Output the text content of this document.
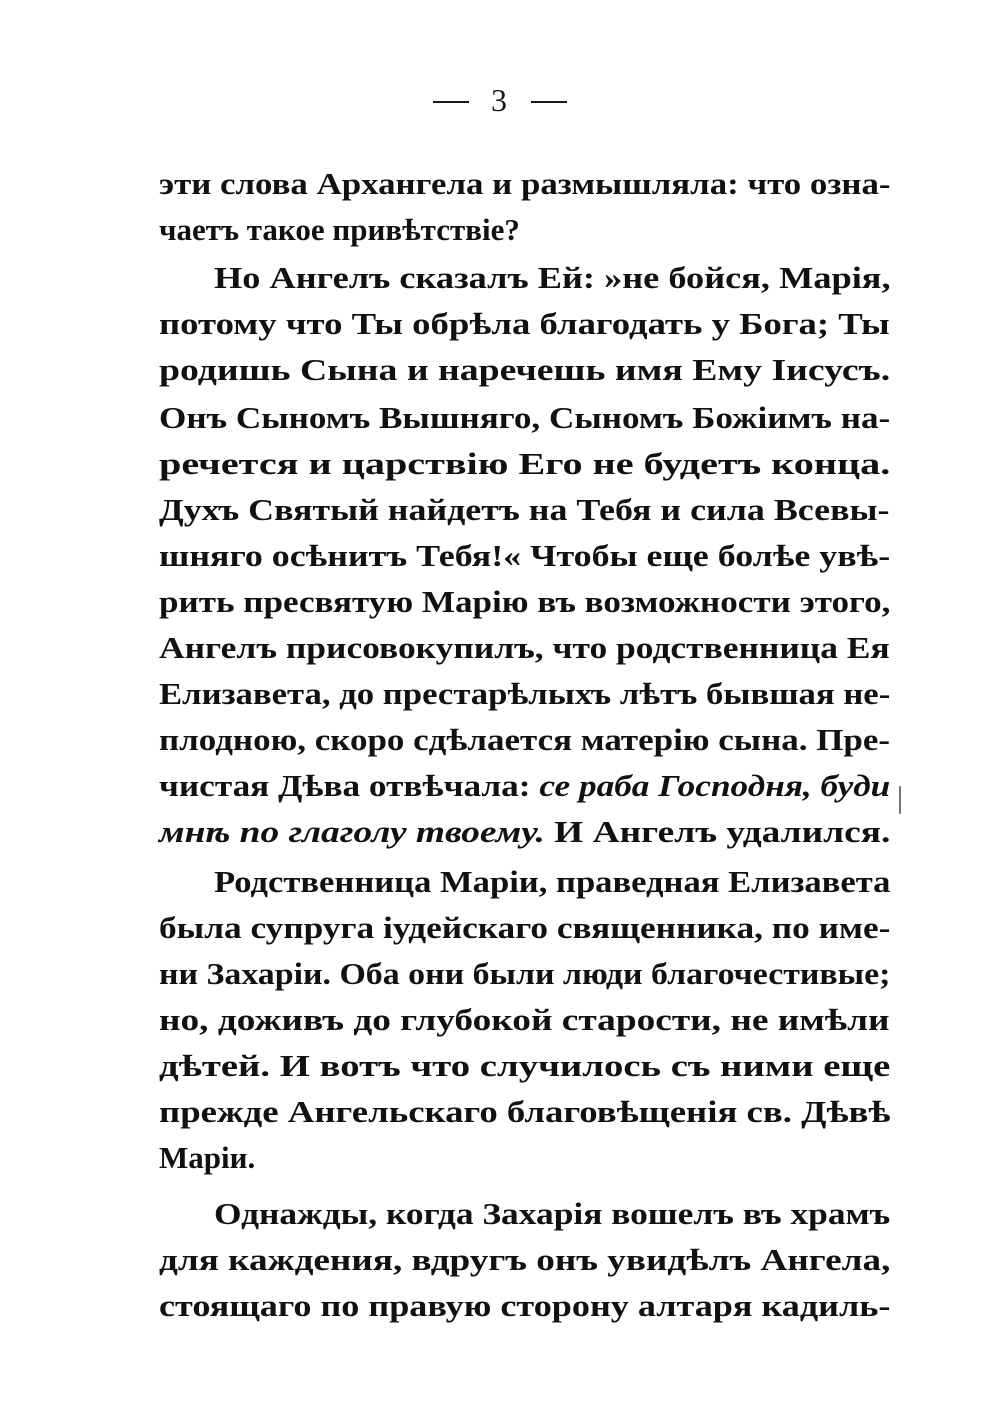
3
эти слова Архангела и размышляла: что озна-
чаетъ такое привѣтствіе?
Но Ангелъ сказалъ Ей: »не бойся, Марія,
потому что Ты обрѣла благодать у Бога; Ты
родишь Сына и наречешь имя Ему Іисусъ.
Онъ Сыномъ Вышняго, Сыномъ Божіимъ на-
речется и царствію Его не будетъ конца.
Духъ Святый найдетъ на Тебя и сила Всевы-
шняго осѣнитъ Тебя!« Чтобы еще болѣе увѣ-
рить пресвятую Марію въ возможности этого,
Ангелъ присовокупилъ, что родственница Ея
Елизавета, до престарѣлыхъ лѣтъ бывшая не-
плодною, скоро сдѣлается матерію сына. Пре-
чистая Дѣва отвѣчала: се раба Господня, буди
мнѣ по глаголу твоему. И Ангелъ удалился.
Родственница Маріи, праведная Елизавета
была супруга іудейскаго священника, по име-
ни Захаріи. Оба они были люди благочестивые;
но, доживъ до глубокой старости, не имѣли
дѣтей. И вотъ что случилось съ ними еще
прежде Ангельскаго благовѣщенія св. Дѣвѣ
Маріи.
Однажды, когда Захарія вошелъ въ храмъ
для каждения, вдругъ онъ увидѣлъ Ангела,
стоящаго по правую сторону алтаря кадиль-
